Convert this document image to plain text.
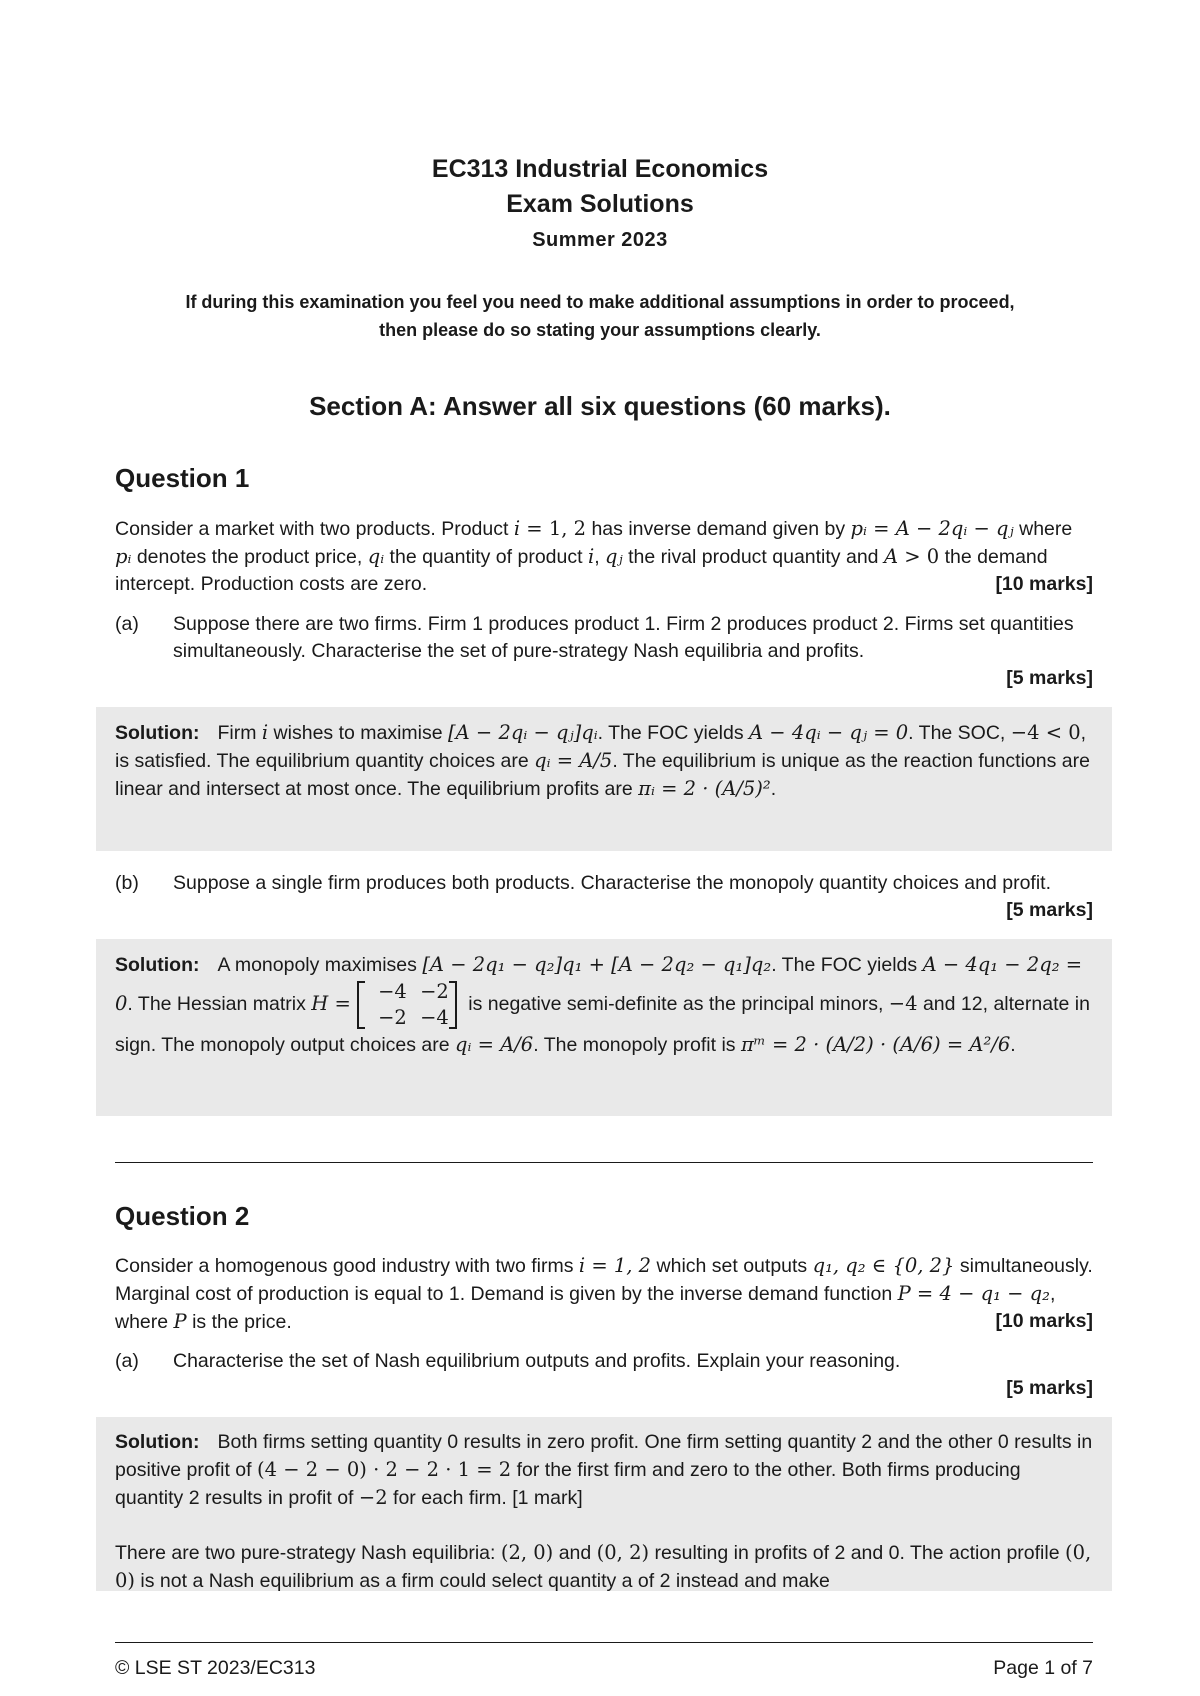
EC313 Industrial Economics
Exam Solutions
Summer 2023
If during this examination you feel you need to make additional assumptions in order to proceed,
then please do so stating your assumptions clearly.
Section A: Answer all six questions (60 marks).
Question 1
Consider a market with two products. Product i = 1, 2 has inverse demand given by pᵢ = A − 2qᵢ − qⱼ where pᵢ denotes the product price, qᵢ the quantity of product i, qⱼ the rival product quantity and A > 0 the demand intercept. Production costs are zero.	[10 marks]
(a) Suppose there are two firms. Firm 1 produces product 1. Firm 2 produces product 2. Firms set quantities simultaneously. Characterise the set of pure-strategy Nash equilibria and profits.
[5 marks]
Solution: Firm i wishes to maximise [A − 2qᵢ − qⱼ]qᵢ. The FOC yields A − 4qᵢ − qⱼ = 0. The SOC, −4 < 0, is satisfied. The equilibrium quantity choices are qᵢ = A/5. The equilibrium is unique as the reaction functions are linear and intersect at most once. The equilibrium profits are πᵢ = 2 · (A/5)².
(b) Suppose a single firm produces both products. Characterise the monopoly quantity choices and profit.
[5 marks]
Solution: A monopoly maximises [A − 2q₁ − q₂]q₁ + [A − 2q₂ − q₁]q₂. The FOC yields A − 4q₁ − 2q₂ = 0. The Hessian matrix H =−4 −2
−2 −4 is negative semi-definite as the principal minors, −4 and 12, alternate in sign. The monopoly output choices are qᵢ = A/6. The monopoly profit is πᵐ = 2 · (A/2) · (A/6) = A²/6.
Question 2
Consider a homogenous good industry with two firms i = 1, 2 which set outputs q₁, q₂ ∈ {0, 2} simultaneously. Marginal cost of production is equal to 1. Demand is given by the inverse demand function P = 4 − q₁ − q₂, where P is the price.	[10 marks]
(a) Characterise the set of Nash equilibrium outputs and profits. Explain your reasoning.
[5 marks]

Solution: Both firms setting quantity 0 results in zero profit. One firm setting quantity 2 and the other 0 results in positive profit of (4 − 2 − 0) · 2 − 2 · 1 = 2 for the first firm and zero to the other. Both firms producing quantity 2 results in profit of −2 for each firm. [1 mark]

There are two pure-strategy Nash equilibria: (2, 0) and (0, 2) resulting in profits of 2 and 0. The action profile (0, 0) is not a Nash equilibrium as a firm could select quantity a of 2 instead and make

© LSE ST 2023/EC313	Page 1 of 7
